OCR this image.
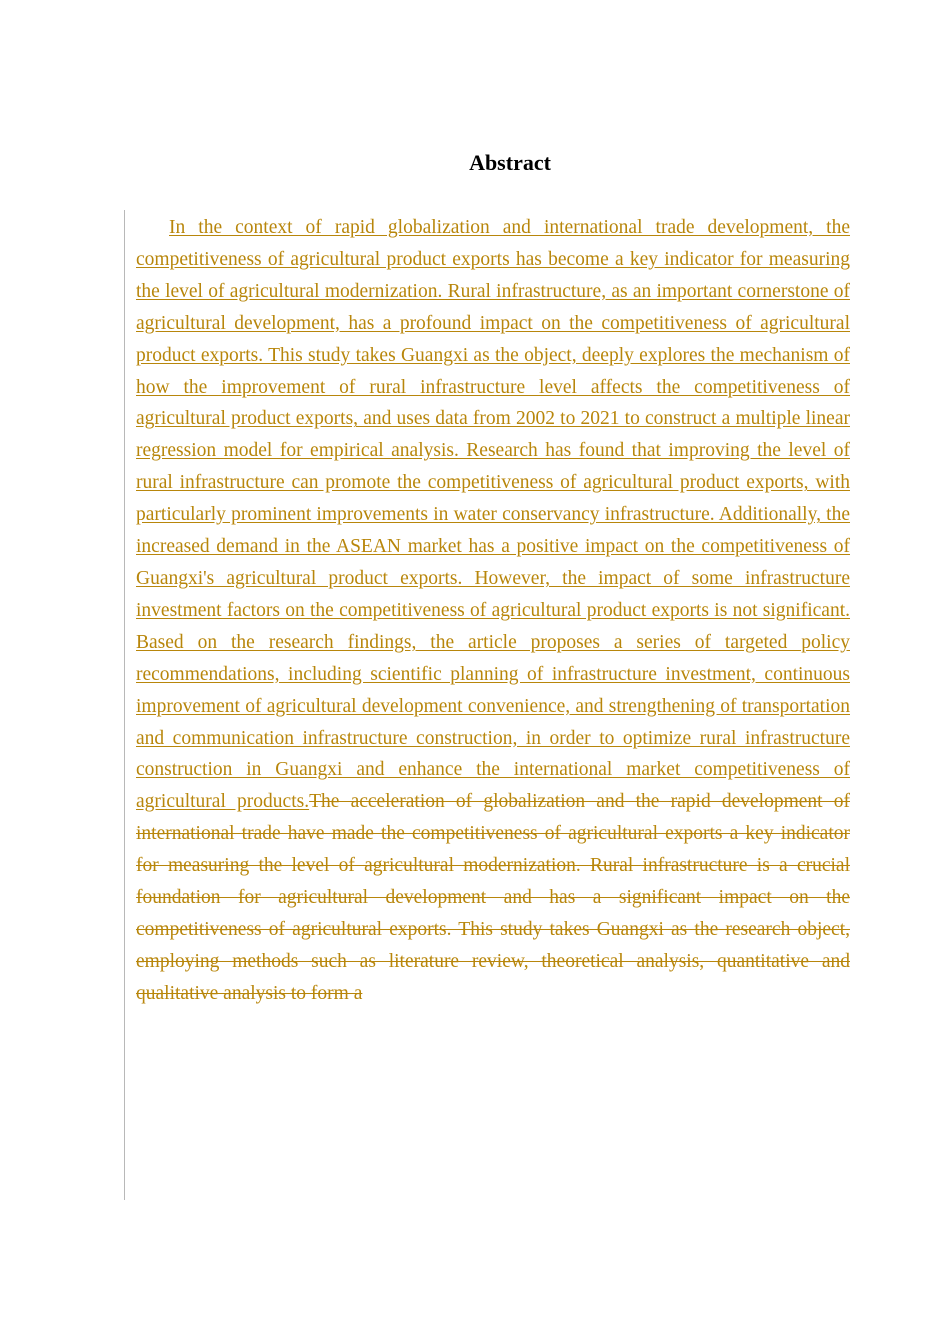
Abstract

In the context of rapid globalization and international trade development, the competitiveness of agricultural product exports has become a key indicator for measuring the level of agricultural modernization. Rural infrastructure, as an important cornerstone of agricultural development, has a profound impact on the competitiveness of agricultural product exports. This study takes Guangxi as the object, deeply explores the mechanism of how the improvement of rural infrastructure level affects the competitiveness of agricultural product exports, and uses data from 2002 to 2021 to construct a multiple linear regression model for empirical analysis. Research has found that improving the level of rural infrastructure can promote the competitiveness of agricultural product exports, with particularly prominent improvements in water conservancy infrastructure. Additionally, the increased demand in the ASEAN market has a positive impact on the competitiveness of Guangxi's agricultural product exports. However, the impact of some infrastructure investment factors on the competitiveness of agricultural product exports is not significant. Based on the research findings, the article proposes a series of targeted policy recommendations, including scientific planning of infrastructure investment, continuous improvement of agricultural development convenience, and strengthening of transportation and communication infrastructure construction, in order to optimize rural infrastructure construction in Guangxi and enhance the international market competitiveness of agricultural products.The acceleration of globalization and the rapid development of international trade have made the competitiveness of agricultural exports a key indicator for measuring the level of agricultural modernization. Rural infrastructure is a crucial foundation for agricultural development and has a significant impact on the competitiveness of agricultural exports. This study takes Guangxi as the research object, employing methods such as literature review, theoretical analysis, quantitative and qualitative analysis to form a
